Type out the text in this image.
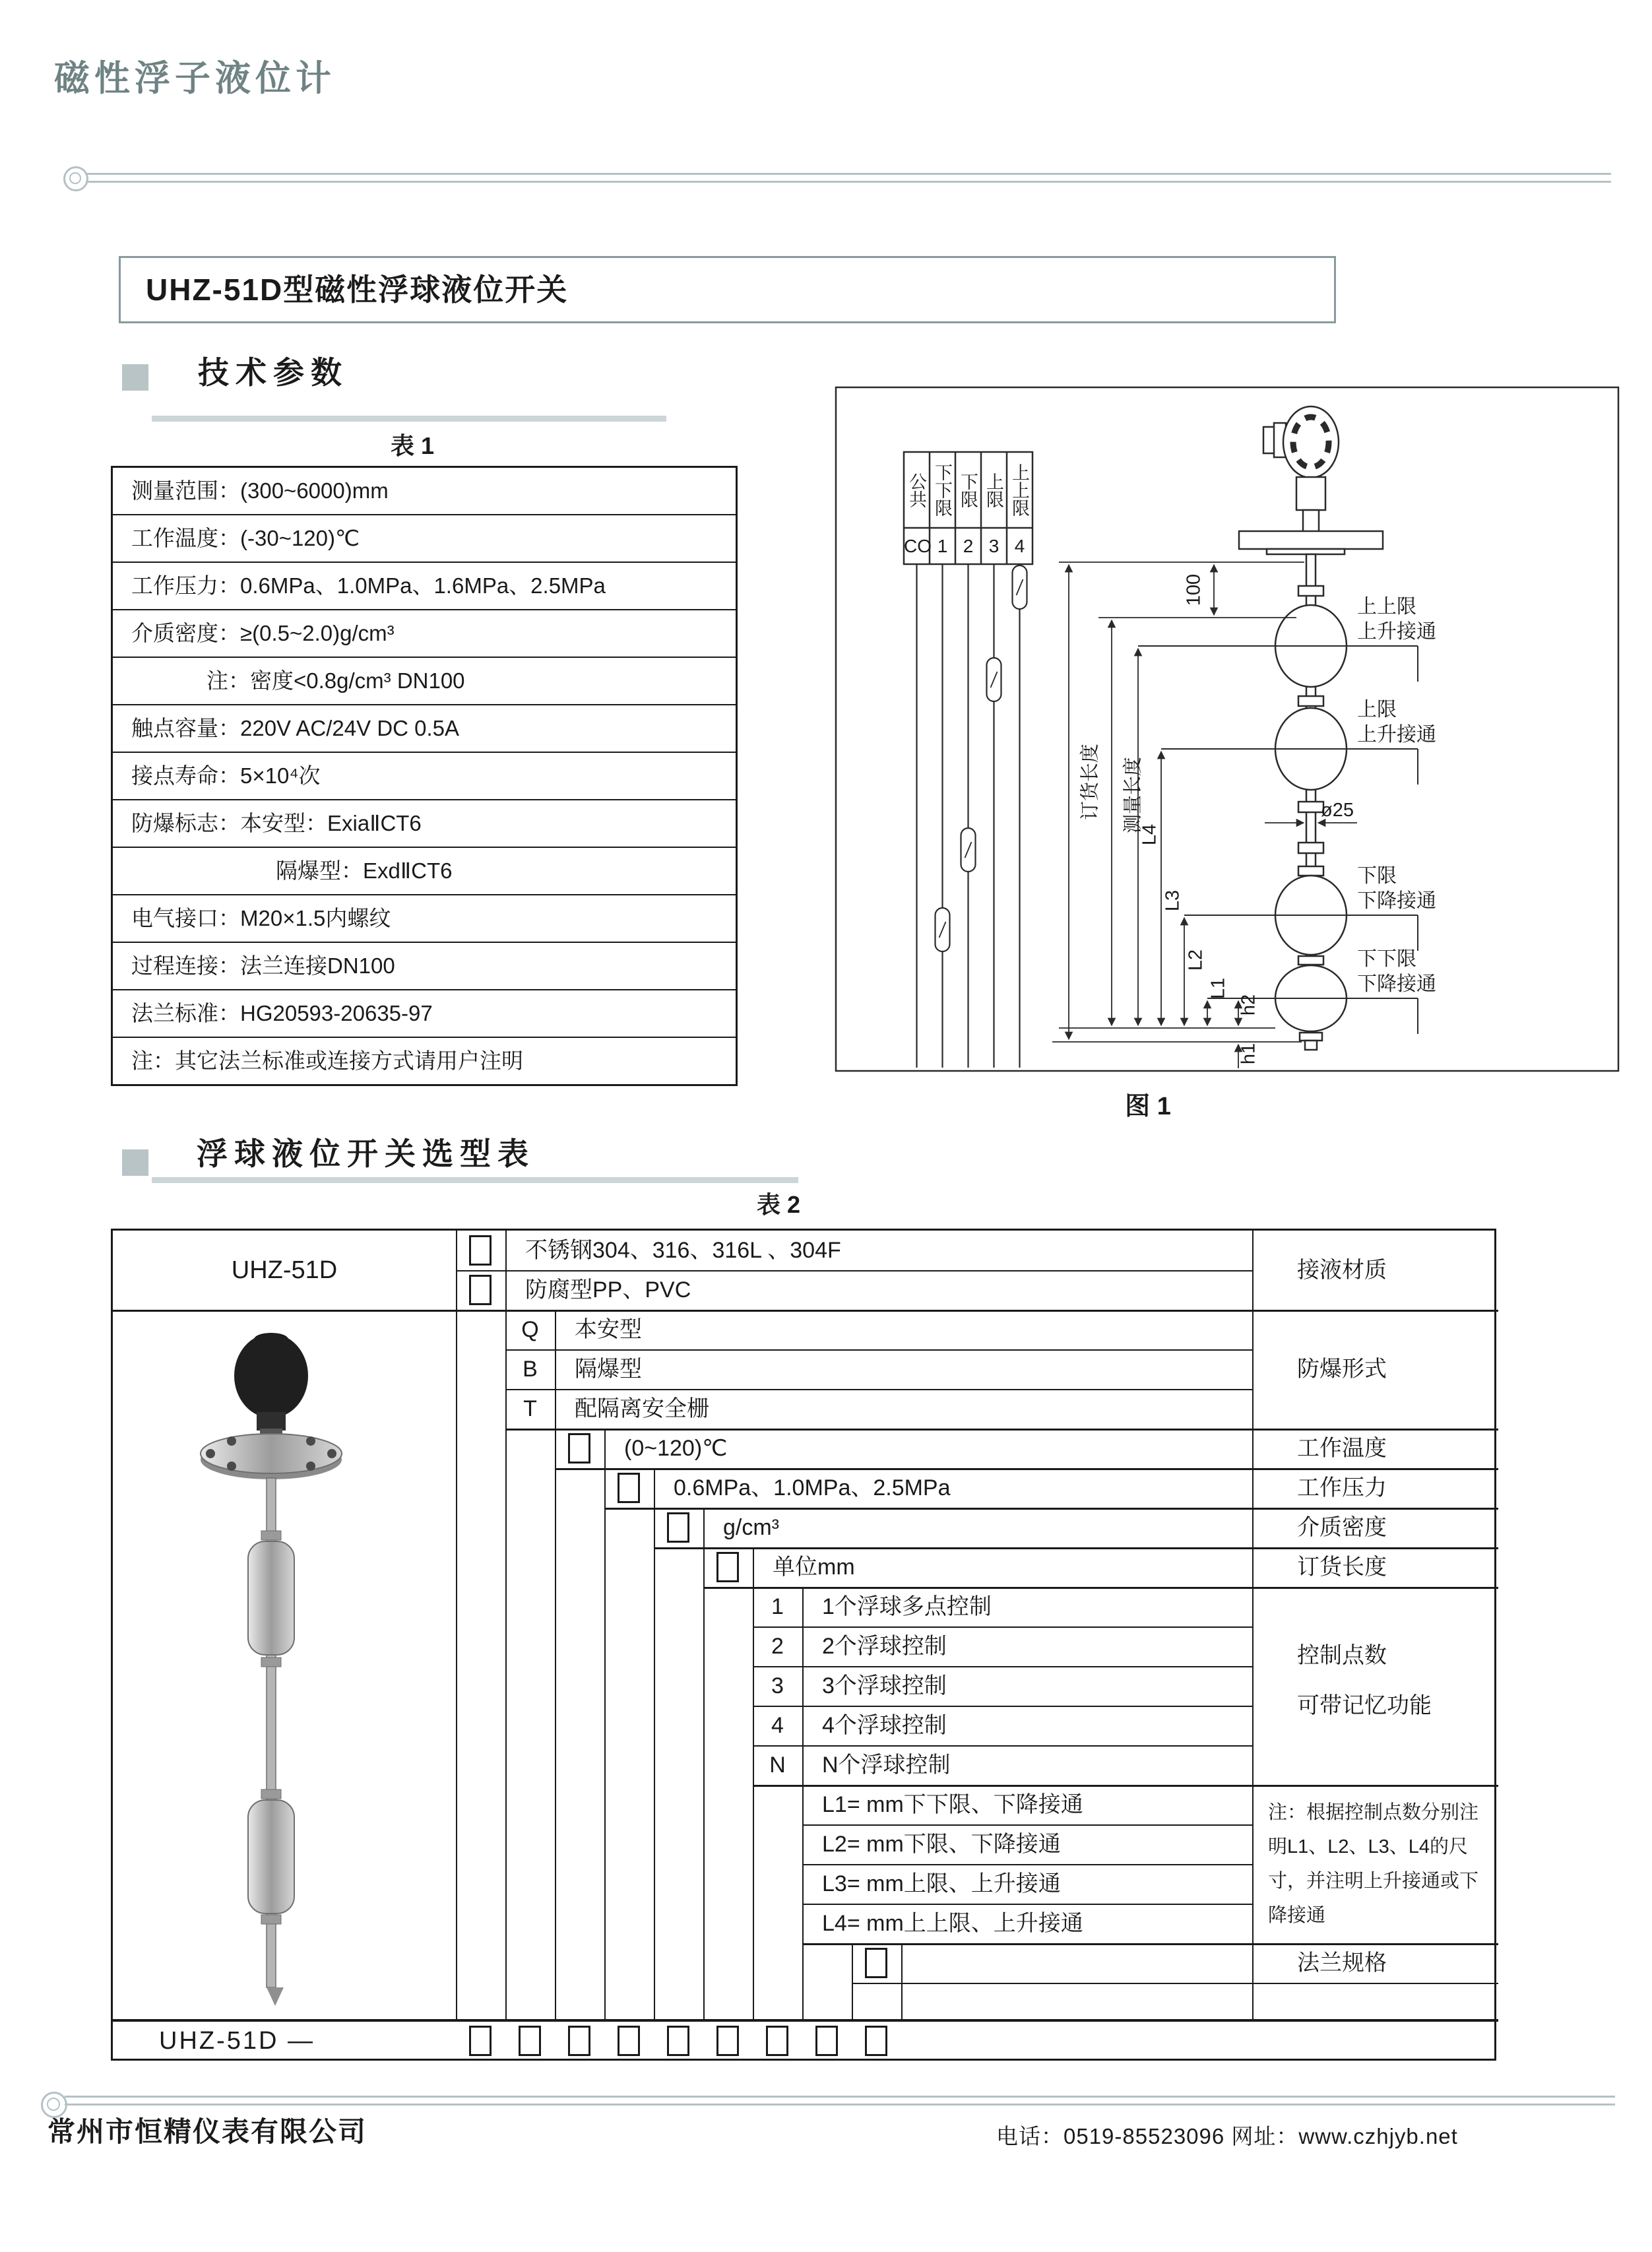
磁性浮子液位计
UHZ-51D型磁性浮球液位开关
技术参数
表 1
测量范围：(300~6000)mm
工作温度：(-30~120)℃
工作压力：0.6MPa、1.0MPa、1.6MPa、2.5MPa
介质密度：≥(0.5~2.0)g/cm³
注：密度<0.8g/cm³ DN100
触点容量：220V AC/24V DC 0.5A
接点寿命：5×10⁴次
防爆标志：本安型：ExiaⅡCT6
隔爆型：ExdⅡCT6
电气接口：M20×1.5内螺纹
过程连接：法兰连接DN100
法兰标准：HG20593-20635-97
注：其它法兰标准或连接方式请用户注明
公共 下下限 下限 上限 上上限
CO 1 2 3 4
100
订货长度 测量长度
L4
L3
L2
L1
h2
h1
ø25
上上限
上升接通
上限
上升接通
下限
下降接通
下下限
下降接通
图 1
浮球液位开关选型表
表 2
UHZ-51D
不锈钢304、316、316L 、304F
防腐型PP、PVC
接液材质
Q	本安型
B	隔爆型
T	配隔离安全栅
防爆形式
(0~120)℃	工作温度
0.6MPa、1.0MPa、2.5MPa	工作压力
g/cm³	介质密度
单位mm	订货长度
1	1个浮球多点控制
2	2个浮球控制
3	3个浮球控制
4	4个浮球控制
N	N个浮球控制
控制点数
可带记忆功能
L1= mm下下限、下降接通
L2= mm下限、下降接通
L3= mm上限、上升接通
L4= mm上上限、上升接通
注：根据控制点数分别注明L1、L2、L3、L4的尺寸，并注明上升接通或下降接通
法兰规格
UHZ-51D —
常州市恒精仪表有限公司	电话：0519-85523096 网址：www.czhjyb.net
